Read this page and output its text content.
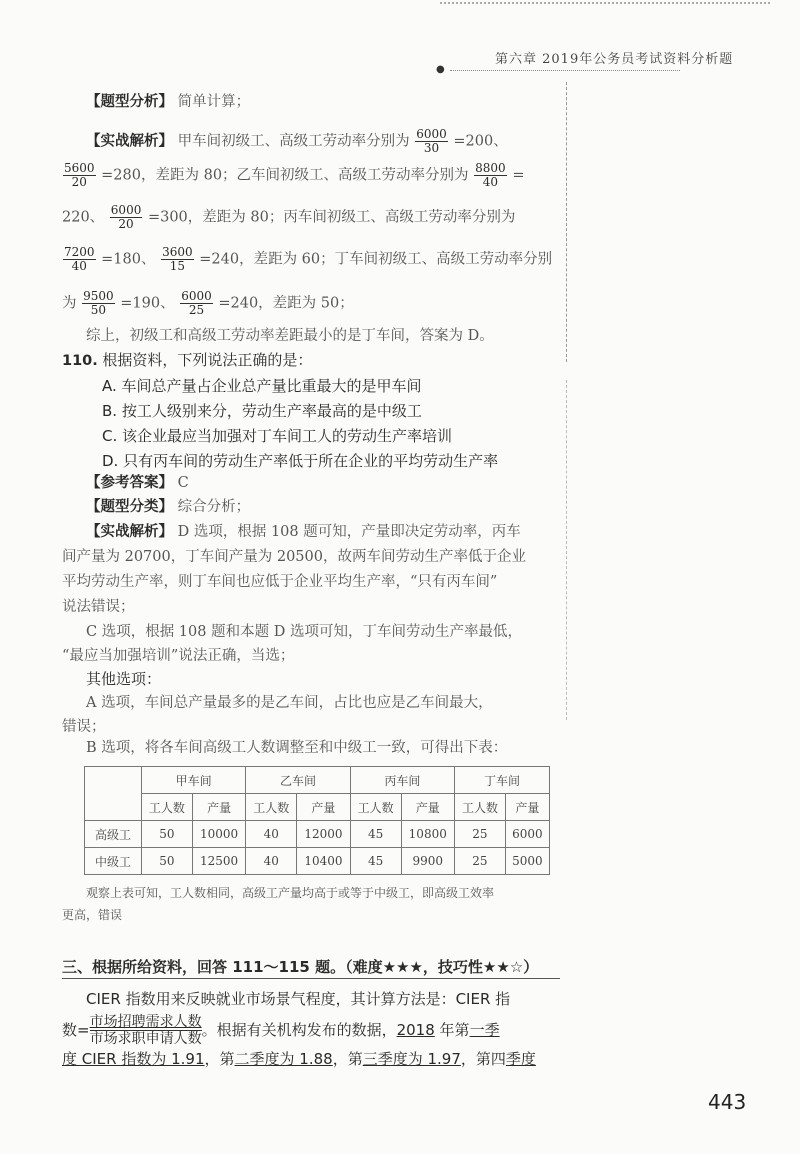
第六章 2019年公务员考试资料分析题
●
【题型分析】 简单计算；
【实战解析】 甲车间初级工、高级工劳动率分别为 $\frac{6000}{30} =200$、
$\frac{5600}{20} =280$，差距为 80；乙车间初级工、高级工劳动率分别为 $\frac{8800}{40}$ =
220、 $\frac{6000}{20} =300$，差距为 80；丙车间初级工、高级工劳动率分别为
$\frac{7200}{40} =180$、 $\frac{3600}{15} =240$，差距为 60；丁车间初级工、高级工劳动率分别
为 $\frac{9500}{50} =190$、 $\frac{6000}{25} =240$，差距为 50；
综上，初级工和高级工劳动率差距最小的是丁车间，答案为 D。
110. 根据资料，下列说法正确的是：
A. 车间总产量占企业总产量比重最大的是甲车间
B. 按工人级别来分，劳动生产率最高的是中级工
C. 该企业最应当加强对丁车间工人的劳动生产率培训
D. 只有丙车间的劳动生产率低于所在企业的平均劳动生产率
【参考答案】 C
【题型分类】 综合分析；
【实战解析】 D 选项，根据 108 题可知，产量即决定劳动率，丙车
间产量为 20700，丁车间产量为 20500，故两车间劳动生产率低于企业
平均劳动生产率，则丁车间也应低于企业平均生产率，“只有丙车间”
说法错误；
C 选项，根据 108 题和本题 D 选项可知，丁车间劳动生产率最低，
“最应当加强培训”说法正确，当选；
其他选项：
A 选项，车间总产量最多的是乙车间，占比也应是乙车间最大，
错误；
B 选项，将各车间高级工人数调整至和中级工一致，可得出下表：
	甲车间		乙车间		丙车间		丁车间	
	工人数	产量	工人数	产量	工人数	产量	工人数	产量
高级工	50	10000	40	12000	45	10800	25	6000
中级工	50	12500	40	10400	45	9900	25	5000
观察上表可知，工人数相同，高级工产量均高于或等于中级工，即高级工效率
更高，错误
三、根据所给资料，回答 111～115 题。（难度★★★，技巧性★★☆）
CIER 指数用来反映就业市场景气程度，其计算方法是：CIER 指
数= $\frac{\text{市场招聘需求人数}}{\text{市场求职申请人数}}$ 。根据有关机构发布的数据，2018 年第一季
度 CIER 指数为 1.91，第二季度为 1.88，第三季度为 1.97，第四季度
443
